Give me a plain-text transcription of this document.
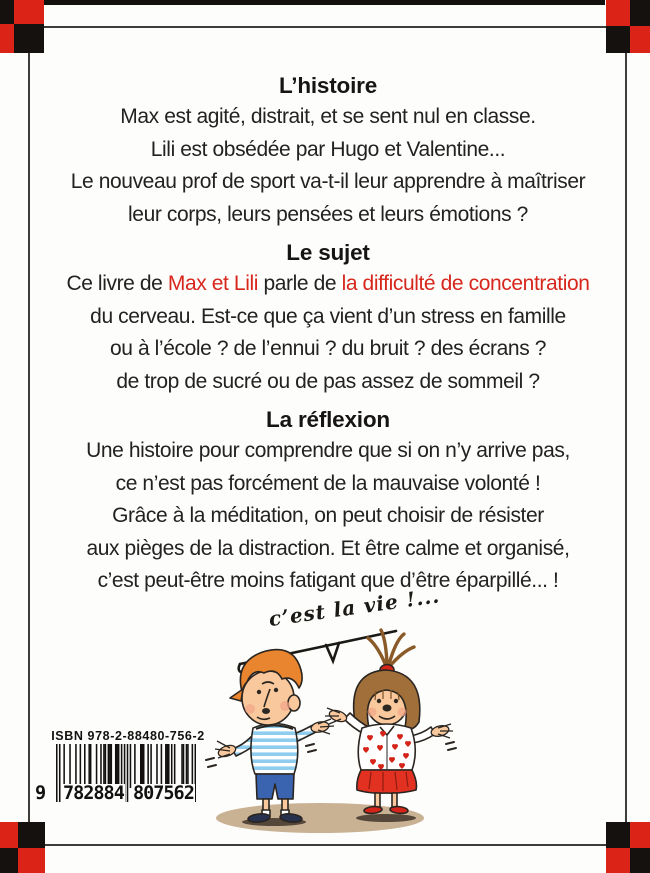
L’histoire
Max est agité, distrait, et se sent nul en classe.
Lili est obsédée par Hugo et Valentine...
Le nouveau prof de sport va-t-il leur apprendre à maîtriser
leur corps, leurs pensées et leurs émotions ?
Le sujet
Ce livre de Max et Lili parle de la difficulté de concentration
du cerveau. Est-ce que ça vient d’un stress en famille
ou à l’école ? de l’ennui ? du bruit ? des écrans ?
de trop de sucré ou de pas assez de sommeil ?
La réflexion
Une histoire pour comprendre que si on n’y arrive pas,
ce n’est pas forcément de la mauvaise volonté !
Grâce à la méditation, on peut choisir de résister
aux pièges de la distraction. Et être calme et organisé,
c’est peut-être moins fatigant que d’être éparpillé... !
c’est la vie !...
ISBN 978-2-88480-756-2
9 782884 807562
